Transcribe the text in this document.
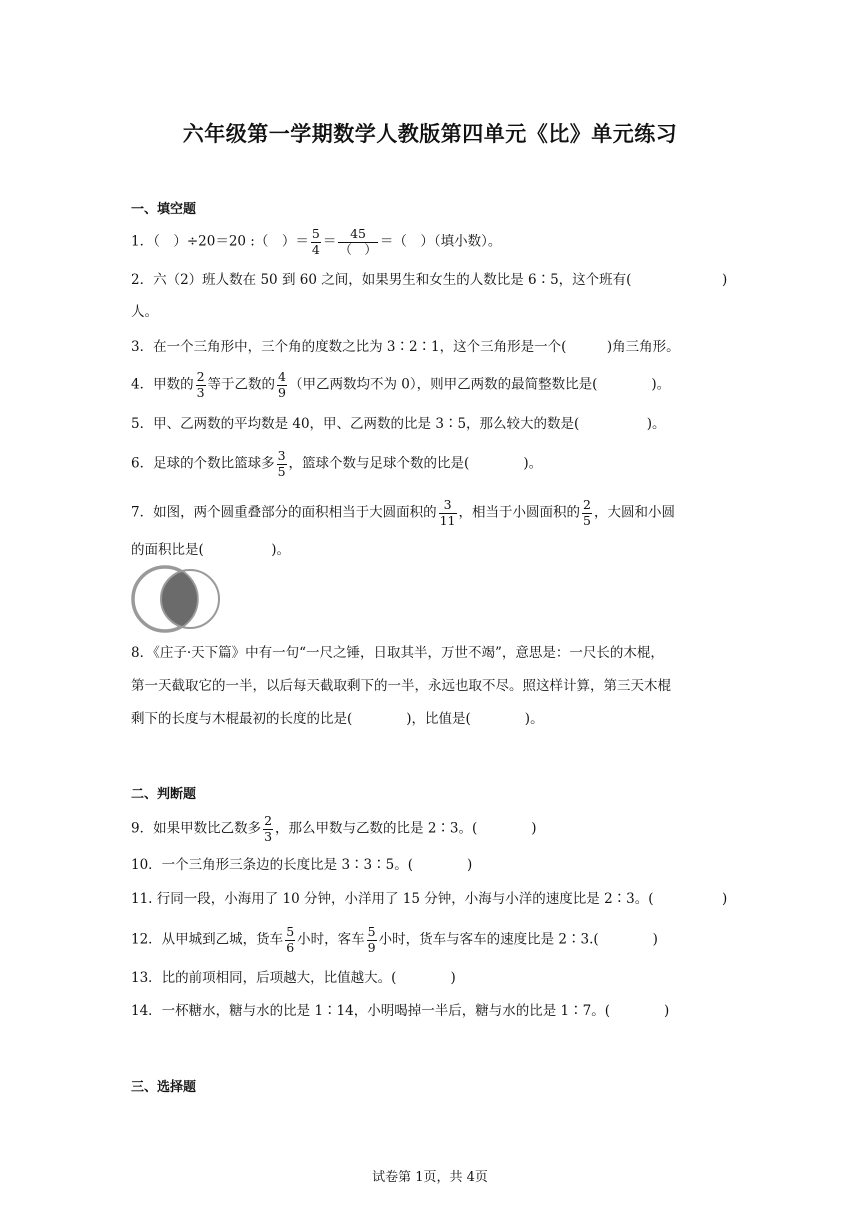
六年级第一学期数学人教版第四单元《比》单元练习
一、填空题
1．（　）÷20＝20 :（　）＝ $\frac{5}{4} = \frac{45}{( )}$ ＝（　）（填小数）。
2．六（2）班人数在 50 到 60 之间，如果男生和女生的人数比是 6∶5，这个班有(	)
人。
3．在一个三角形中，三个角的度数之比为 3∶2∶1，这个三角形是一个(　　　)角三角形。
4．甲数的 $\frac{2}{3}$ 等于乙数的 $\frac{4}{9}$ （甲乙两数均不为 0），则甲乙两数的最简整数比是(　　　　)。
5．甲、乙两数的平均数是 40，甲、乙两数的比是 3∶5，那么较大的数是(　　　　　)。
6．足球的个数比篮球多 $\frac{3}{5}$ ，篮球个数与足球个数的比是(　　　　)。
7．如图，两个圆重叠部分的面积相当于大圆面积的 $\frac{3}{11}$ ，相当于小圆面积的 $\frac{2}{5}$ ，大圆和小圆
的面积比是(　　　　　)。
8．《庄子·天下篇》中有一句“一尺之锤，日取其半，万世不竭”，意思是：一尺长的木棍，
第一天截取它的一半，以后每天截取剩下的一半，永远也取不尽。照这样计算，第三天木棍
剩下的长度与木棍最初的长度的比是(　　　　)，比值是(　　　　)。
二、判断题
9．如果甲数比乙数多 $\frac{2}{3}$ ，那么甲数与乙数的比是 2∶3。(　　　　)
10．一个三角形三条边的长度比是 3∶3∶5。(　　　　)
11. 行同一段，小海用了 10 分钟，小洋用了 15 分钟，小海与小洋的速度比是 2∶3。(	)
12．从甲城到乙城，货车 $\frac{5}{6}$ 小时，客车 $\frac{5}{9}$ 小时，货车与客车的速度比是 2∶3.(　　　　)
13．比的前项相同，后项越大，比值越大。(　　　　)
14．一杯糖水，糖与水的比是 1∶14，小明喝掉一半后，糖与水的比是 1∶7。(　　　　)
三、选择题
试卷第 1页，共 4页
